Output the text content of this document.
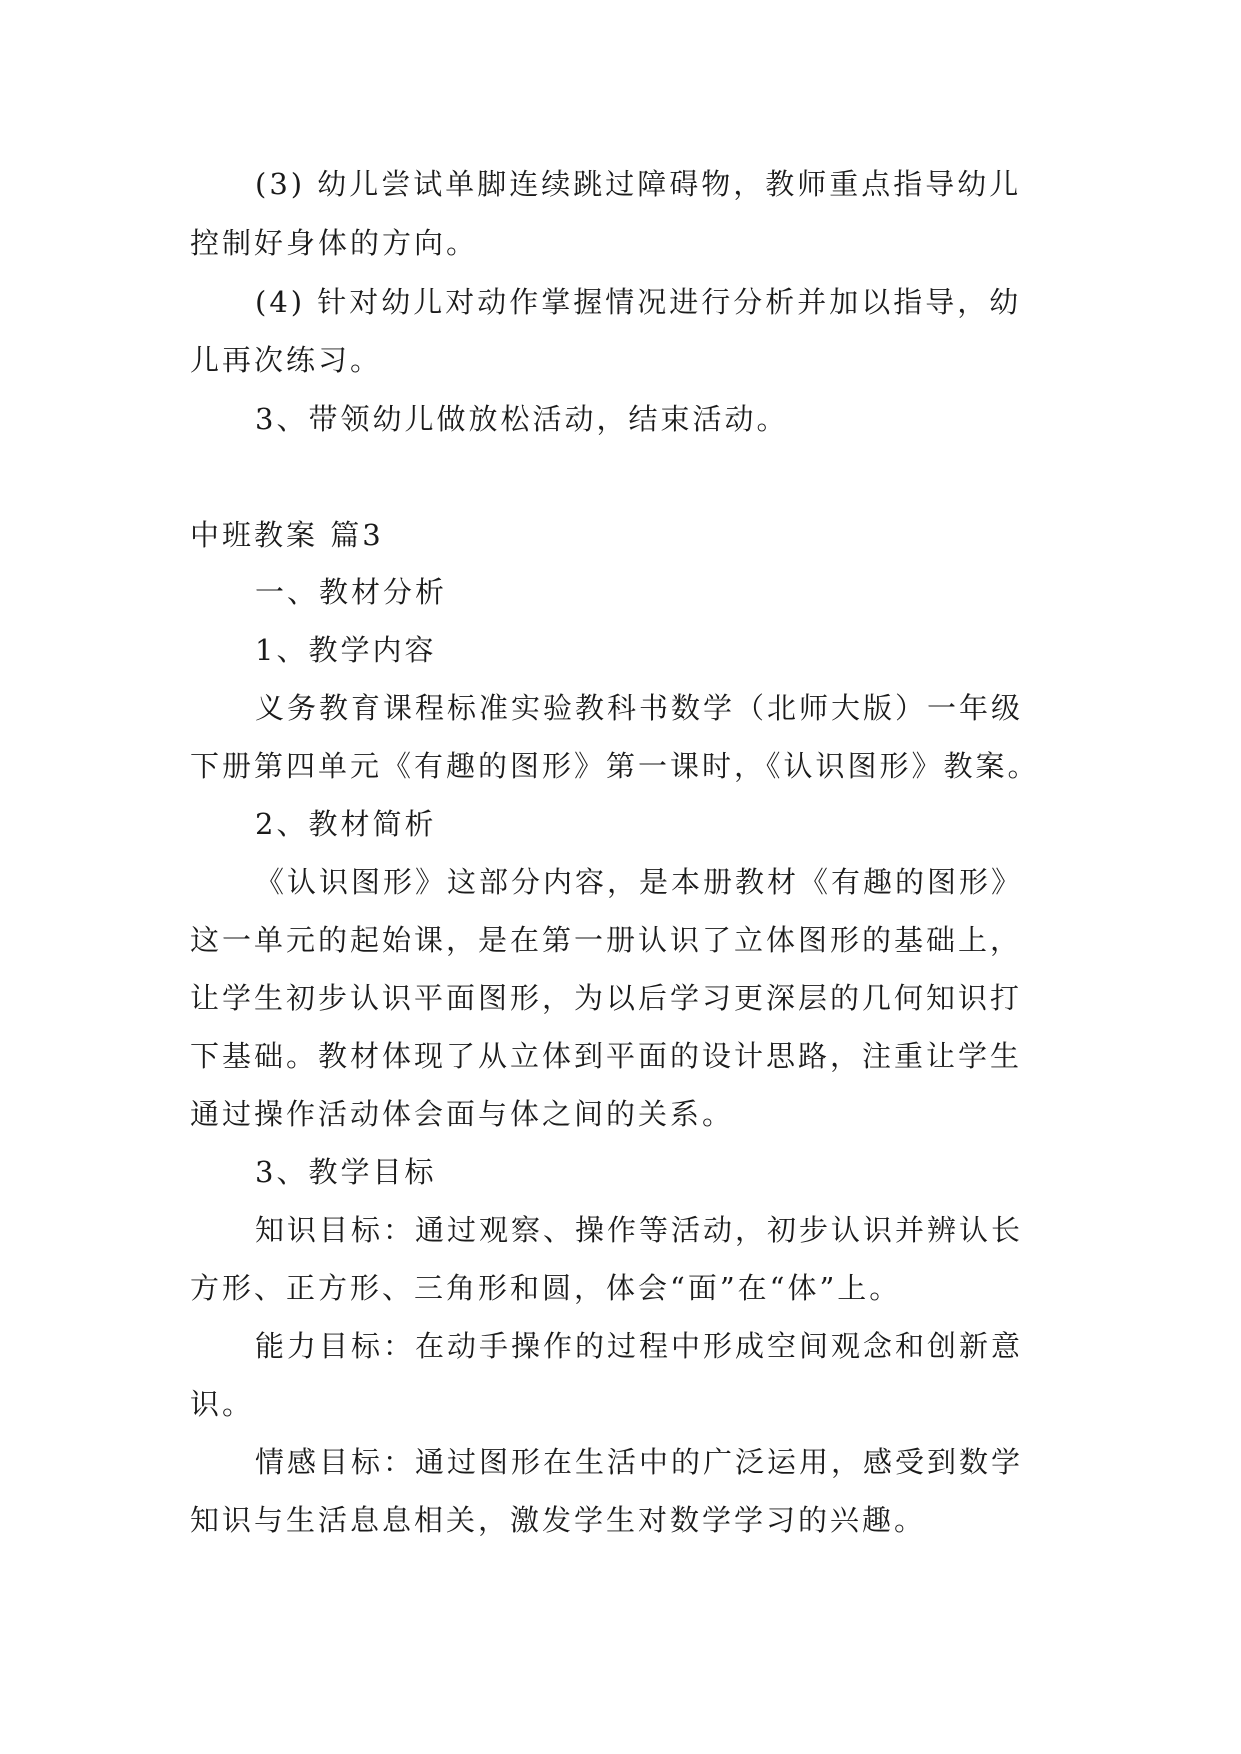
(3) 幼儿尝试单脚连续跳过障碍物，教师重点指导幼儿
控制好身体的方向。
(4) 针对幼儿对动作掌握情况进行分析并加以指导，幼
儿再次练习。
3、带领幼儿做放松活动，结束活动。
中班教案 篇3
一、教材分析
1、教学内容
义务教育课程标准实验教科书数学（北师大版）一年级
下册第四单元《有趣的图形》第一课时，《认识图形》教案。
2、教材简析
《认识图形》这部分内容，是本册教材《有趣的图形》
这一单元的起始课，是在第一册认识了立体图形的基础上，
让学生初步认识平面图形，为以后学习更深层的几何知识打
下基础。教材体现了从立体到平面的设计思路，注重让学生
通过操作活动体会面与体之间的关系。
3、教学目标
知识目标：通过观察、操作等活动，初步认识并辨认长
方形、正方形、三角形和圆，体会“面”在“体”上。
能力目标：在动手操作的过程中形成空间观念和创新意
识。
情感目标：通过图形在生活中的广泛运用，感受到数学
知识与生活息息相关，激发学生对数学学习的兴趣。
